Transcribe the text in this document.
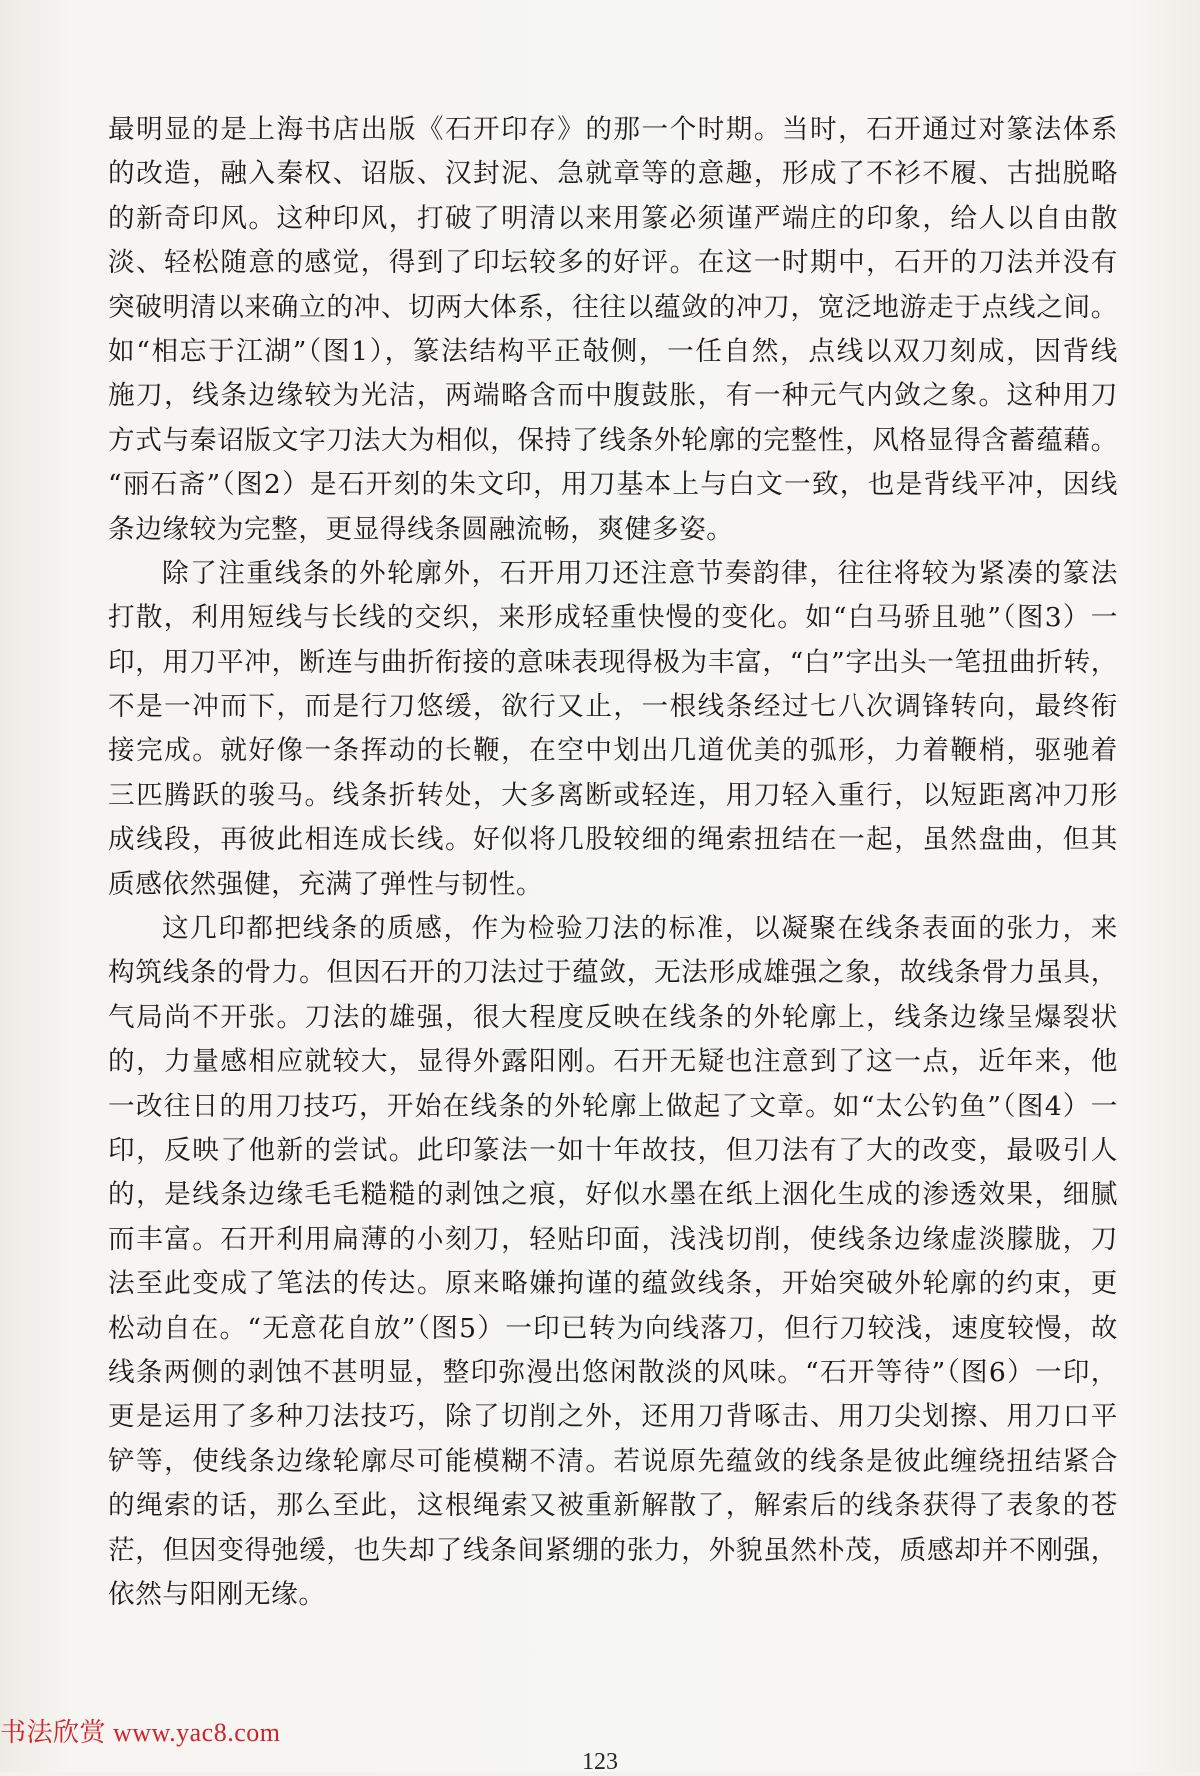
最明显的是上海书店出版《石开印存》的那一个时期。当时，石开通过对篆法体系
的改造，融入秦权、诏版、汉封泥、急就章等的意趣，形成了不衫不履、古拙脱略
的新奇印风。这种印风，打破了明清以来用篆必须谨严端庄的印象，给人以自由散
淡、轻松随意的感觉，得到了印坛较多的好评。在这一时期中，石开的刀法并没有
突破明清以来确立的冲、切两大体系，往往以蕴敛的冲刀，宽泛地游走于点线之间。
如“相忘于江湖”（图1），篆法结构平正敧侧，一任自然，点线以双刀刻成，因背线
施刀，线条边缘较为光洁，两端略含而中腹鼓胀，有一种元气内敛之象。这种用刀
方式与秦诏版文字刀法大为相似，保持了线条外轮廓的完整性，风格显得含蓄蕴藉。
“丽石斋”（图2）是石开刻的朱文印，用刀基本上与白文一致，也是背线平冲，因线
条边缘较为完整，更显得线条圆融流畅，爽健多姿。
除了注重线条的外轮廓外，石开用刀还注意节奏韵律，往往将较为紧凑的篆法
打散，利用短线与长线的交织，来形成轻重快慢的变化。如“白马骄且驰”（图3）一
印，用刀平冲，断连与曲折衔接的意味表现得极为丰富，“白”字出头一笔扭曲折转，
不是一冲而下，而是行刀悠缓，欲行又止，一根线条经过七八次调锋转向，最终衔
接完成。就好像一条挥动的长鞭，在空中划出几道优美的弧形，力着鞭梢，驱驰着
三匹腾跃的骏马。线条折转处，大多离断或轻连，用刀轻入重行，以短距离冲刀形
成线段，再彼此相连成长线。好似将几股较细的绳索扭结在一起，虽然盘曲，但其
质感依然强健，充满了弹性与韧性。
这几印都把线条的质感，作为检验刀法的标准，以凝聚在线条表面的张力，来
构筑线条的骨力。但因石开的刀法过于蕴敛，无法形成雄强之象，故线条骨力虽具，
气局尚不开张。刀法的雄强，很大程度反映在线条的外轮廓上，线条边缘呈爆裂状
的，力量感相应就较大，显得外露阳刚。石开无疑也注意到了这一点，近年来，他
一改往日的用刀技巧，开始在线条的外轮廓上做起了文章。如“太公钓鱼”（图4）一
印，反映了他新的尝试。此印篆法一如十年故技，但刀法有了大的改变，最吸引人
的，是线条边缘毛毛糙糙的剥蚀之痕，好似水墨在纸上洇化生成的渗透效果，细腻
而丰富。石开利用扁薄的小刻刀，轻贴印面，浅浅切削，使线条边缘虚淡朦胧，刀
法至此变成了笔法的传达。原来略嫌拘谨的蕴敛线条，开始突破外轮廓的约束，更
松动自在。“无意花自放”（图5）一印已转为向线落刀，但行刀较浅，速度较慢，故
线条两侧的剥蚀不甚明显，整印弥漫出悠闲散淡的风味。“石开等待”（图6）一印，
更是运用了多种刀法技巧，除了切削之外，还用刀背啄击、用刀尖划擦、用刀口平
铲等，使线条边缘轮廓尽可能模糊不清。若说原先蕴敛的线条是彼此缠绕扭结紧合
的绳索的话，那么至此，这根绳索又被重新解散了，解索后的线条获得了表象的苍
茫，但因变得弛缓，也失却了线条间紧绷的张力，外貌虽然朴茂，质感却并不刚强，
依然与阳刚无缘。
书法欣赏 www.yac8.com
123
